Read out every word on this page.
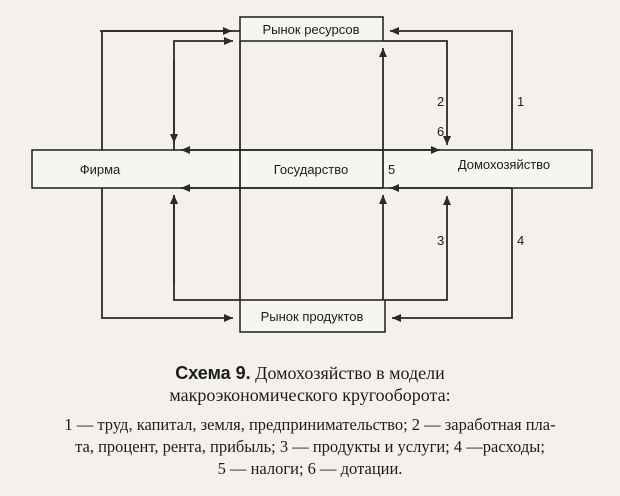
Рынок ресурсов
Фирма	Государство	Домохозяйство
Рынок продуктов
1
2
6
5
3	4
Схема 9. Домохозяйство в модели
макроэкономического кругооборота:
1 — труд, капитал, земля, предпринимательство; 2 — заработная пла-
та, процент, рента, прибыль; 3 — продукты и услуги; 4 —расходы;
5 — налоги; 6 — дотации.
